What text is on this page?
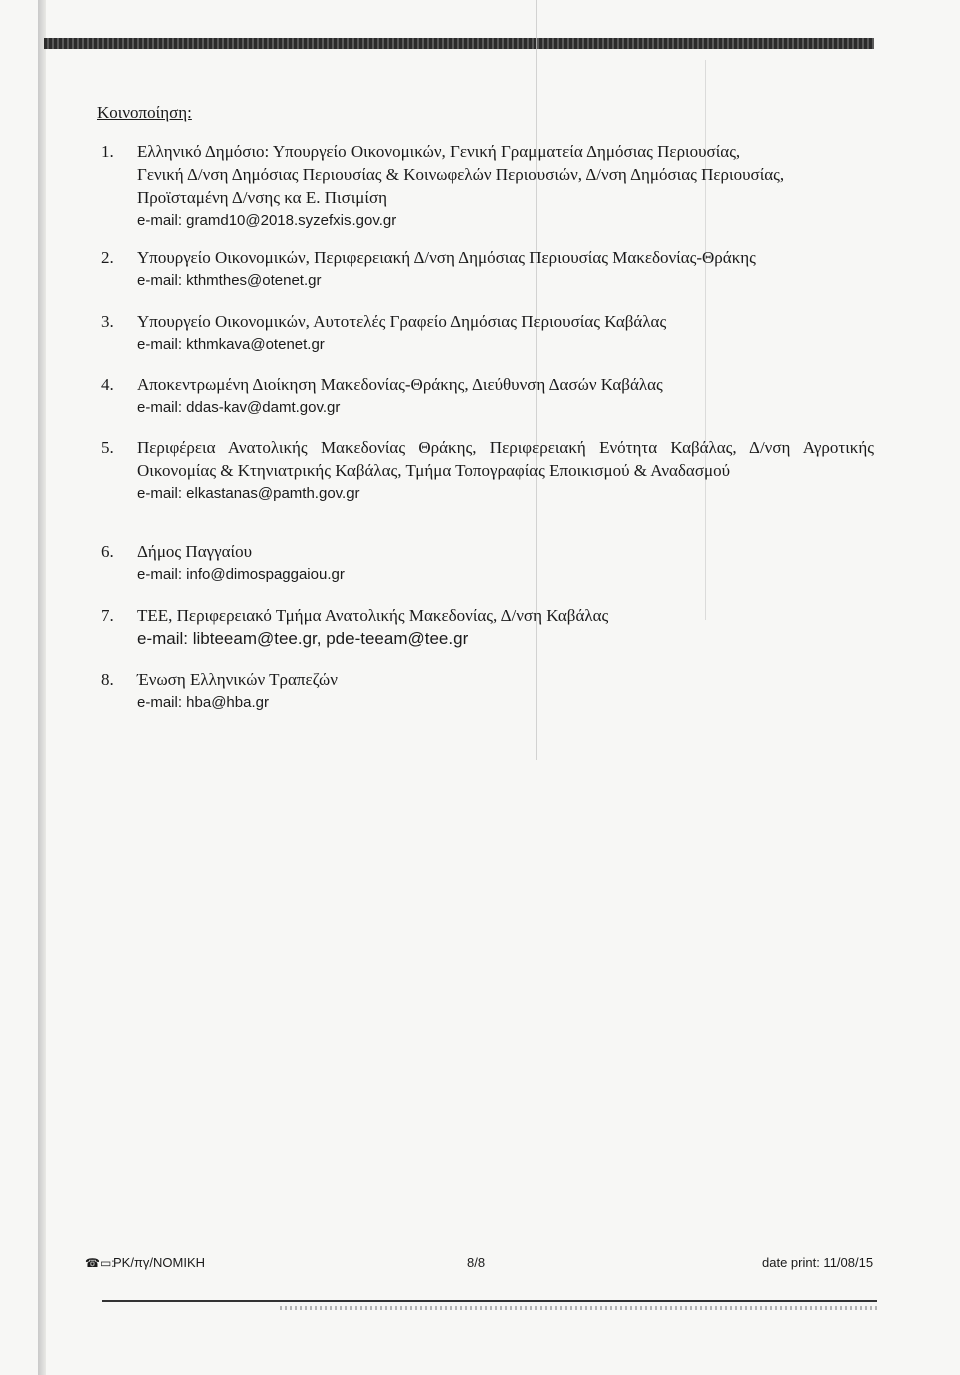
Κοινοποίηση:
1. Ελληνικό Δημόσιο: Υπουργείο Οικονομικών, Γενική Γραμματεία Δημόσιας Περιουσίας,
Γενική Δ/νση Δημόσιας Περιουσίας & Κοινωφελών Περιουσιών, Δ/νση Δημόσιας Περιουσίας,
Προϊσταμένη Δ/νσης κα Ε. Πισιμίση
e-mail: gramd10@2018.syzefxis.gov.gr
2. Υπουργείο Οικονομικών, Περιφερειακή Δ/νση Δημόσιας Περιουσίας Μακεδονίας-Θράκης
e-mail: kthmthes@otenet.gr
3. Υπουργείο Οικονομικών, Αυτοτελές Γραφείο Δημόσιας Περιουσίας Καβάλας
e-mail: kthmkava@otenet.gr
4. Αποκεντρωμένη Διοίκηση Μακεδονίας-Θράκης, Διεύθυνση Δασών Καβάλας
e-mail: ddas-kav@damt.gov.gr
5. Περιφέρεια Ανατολικής Μακεδονίας Θράκης, Περιφερειακή Ενότητα Καβάλας, Δ/νση Αγροτικής Οικονομίας & Κτηνιατρικής Καβάλας, Τμήμα Τοπογραφίας Εποικισμού & Αναδασμού
e-mail: elkastanas@pamth.gov.gr
6. Δήμος Παγγαίου
e-mail: info@dimospaggaiou.gr
7. ΤΕΕ, Περιφερειακό Τμήμα Ανατολικής Μακεδονίας, Δ/νση Καβάλας
e-mail: libteeam@tee.gr, pde-teeam@tee.gr
8. Ένωση Ελληνικών Τραπεζών
e-mail: hba@hba.gr
☎▭:PK/πγ/ΝΟΜΙΚΗ	8/8	date print: 11/08/15
